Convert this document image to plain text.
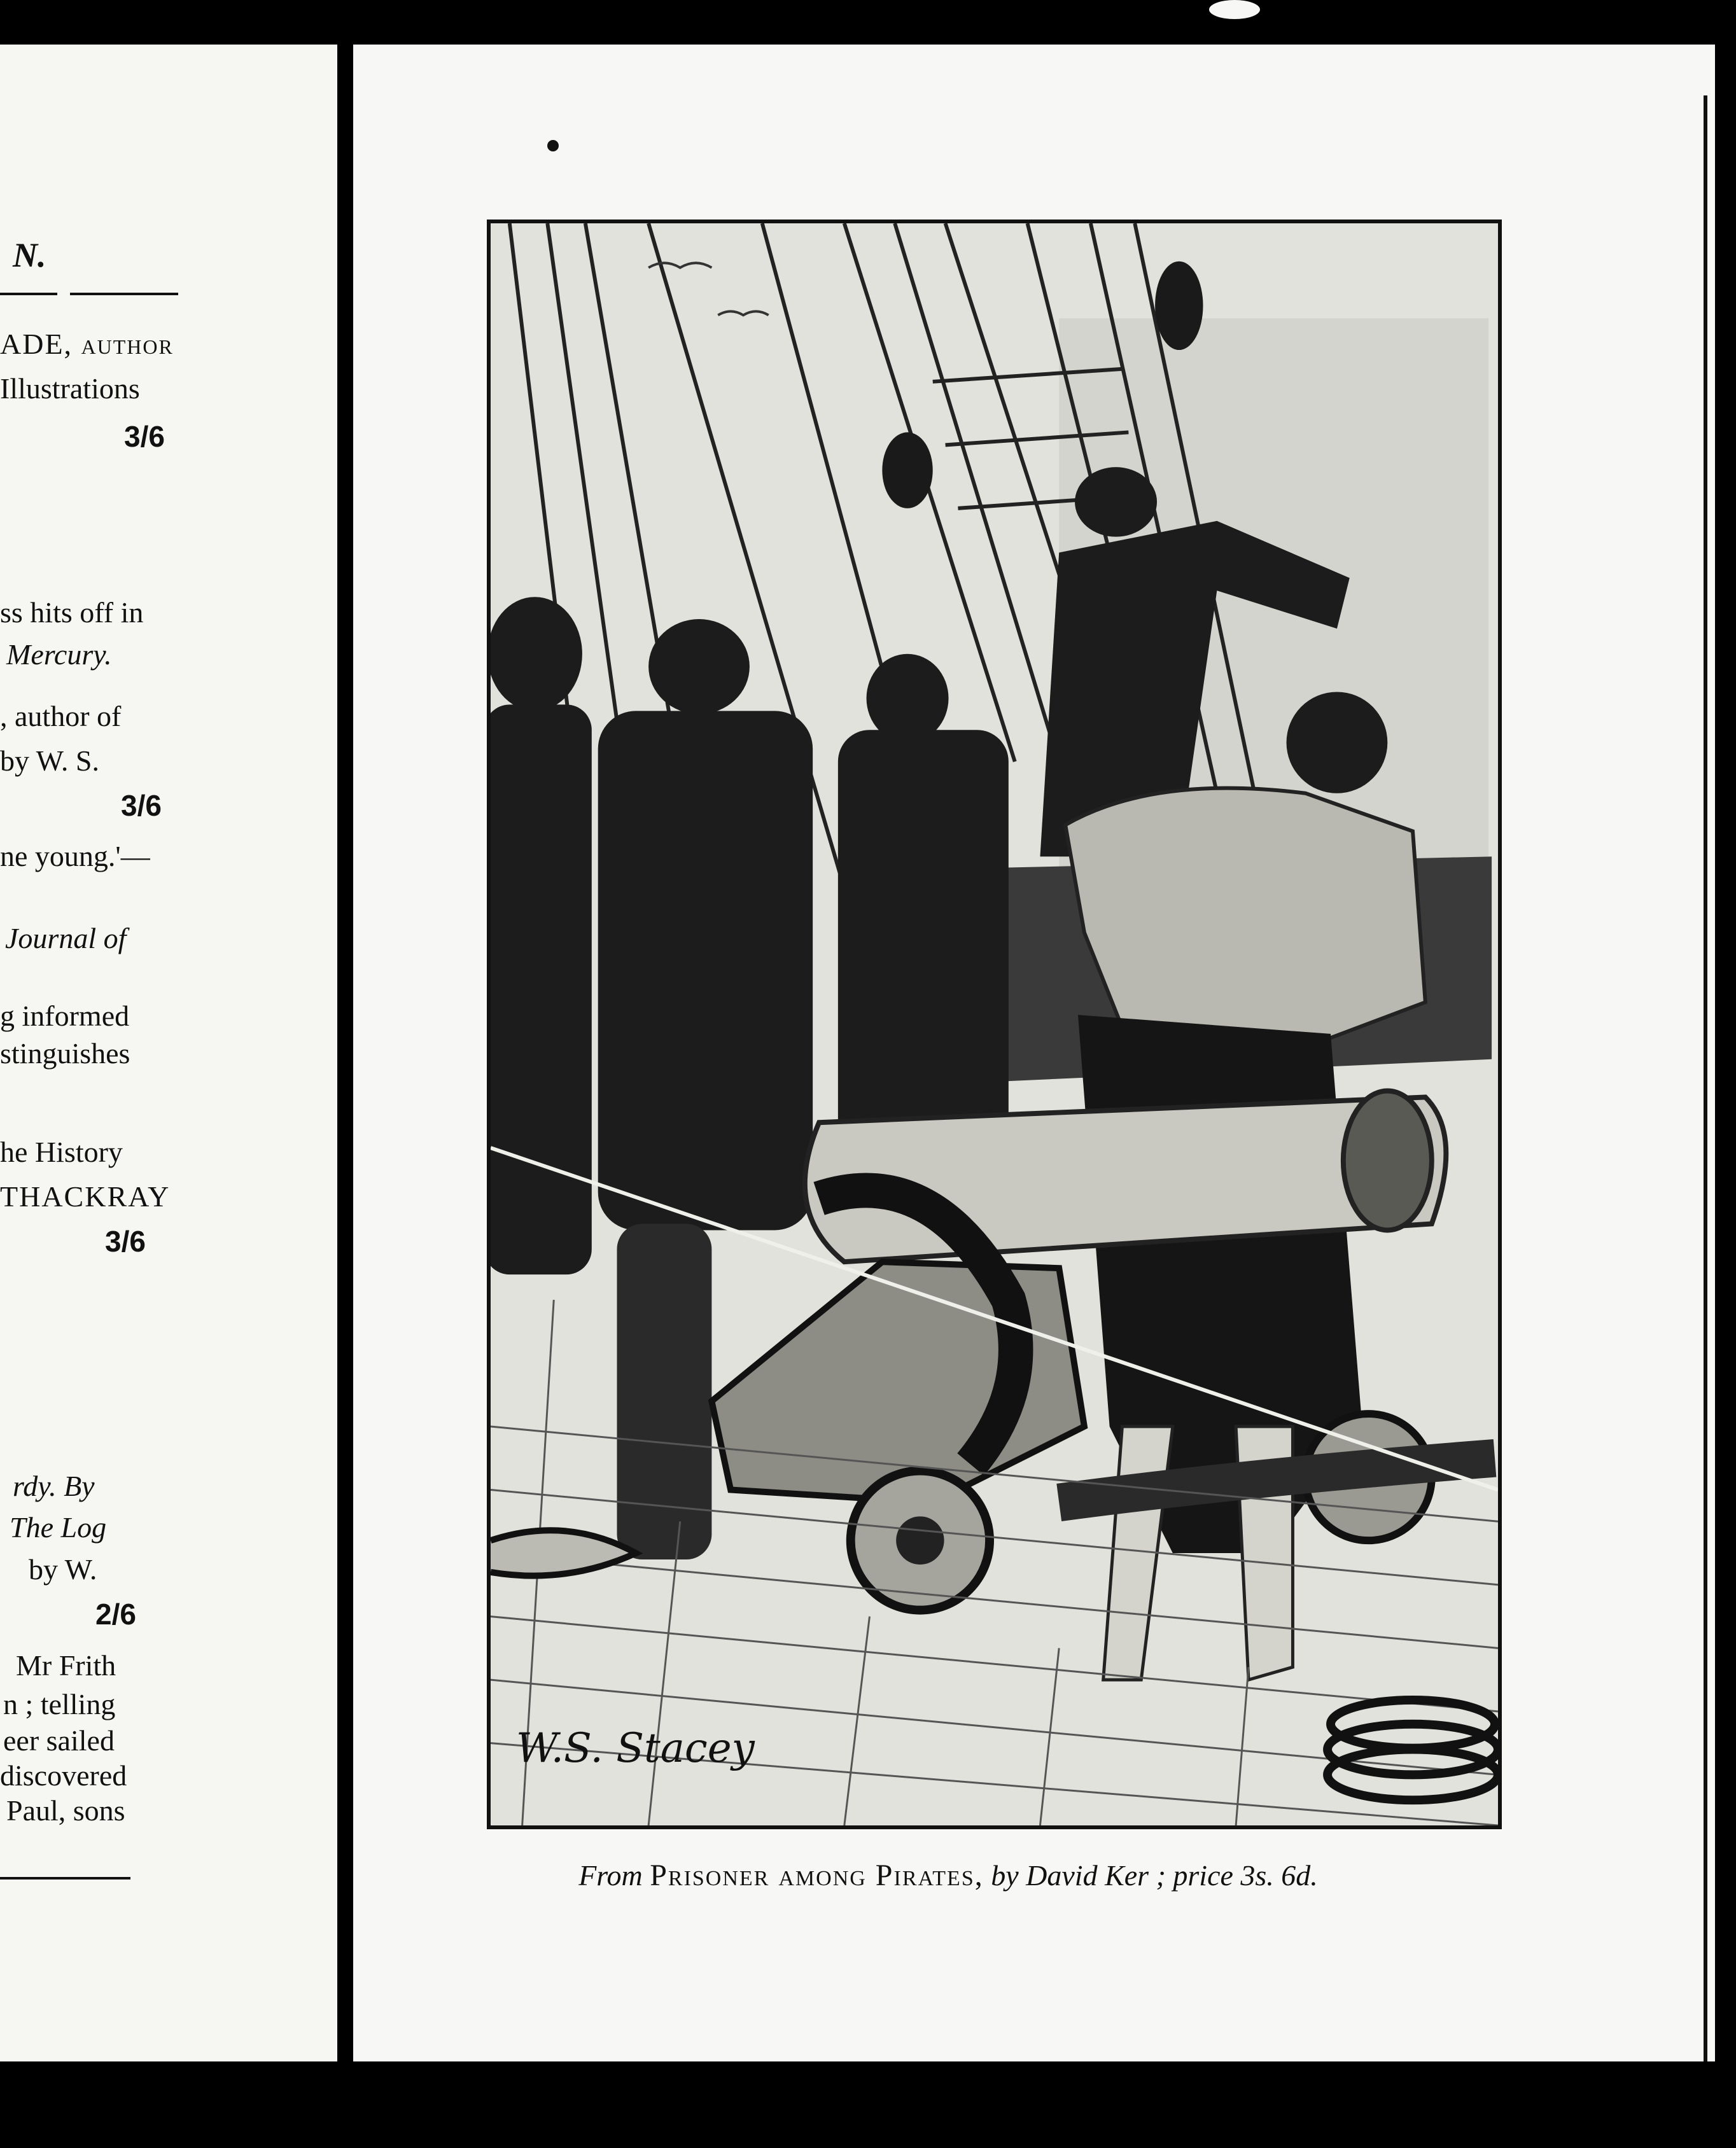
N.
ADE, author
Illustrations
3/6
ss hits off in
Mercury.
, author of
by W. S.
3/6
ne young.'—
Journal of
g informed
stinguishes
he History
THACKRAY
3/6
rdy. By
The Log
by W.
2/6
Mr Frith
n ; telling
eer sailed
discovered
Paul, sons
W.S. Stacey
From Prisoner among Pirates, by David Ker ; price 3s. 6d.
